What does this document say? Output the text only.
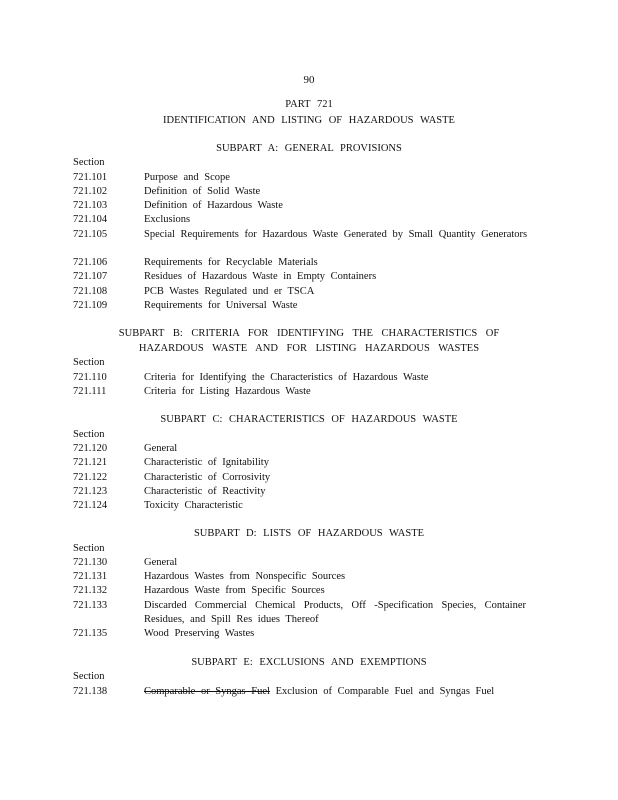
90
PART 721
IDENTIFICATION AND LISTING OF HAZARDOUS WASTE
SUBPART A: GENERAL PROVISIONS
Section
721.101	Purpose and Scope
721.102	Definition of Solid Waste
721.103	Definition of Hazardous Waste
721.104	Exclusions
721.105	Special Requirements for Hazardous Waste Generated by Small Quantity Generators
721.106	Requirements for Recyclable Materials
721.107	Residues of Hazardous Waste in Empty Containers
721.108	PCB Wastes Regulated und er TSCA
721.109	Requirements for Universal Waste
SUBPART B: CRITERIA FOR IDENTIFYING THE CHARACTERISTICS OF
HAZARDOUS WASTE AND FOR LISTING HAZARDOUS WASTES
Section
721.110	Criteria for Identifying the Characteristics of Hazardous Waste
721.111	Criteria for Listing Hazardous Waste
SUBPART C: CHARACTERISTICS OF HAZARDOUS WASTE
Section
721.120	General
721.121	Characteristic of Ignitability
721.122	Characteristic of Corrosivity
721.123	Characteristic of Reactivity
721.124	Toxicity Characteristic
SUBPART D: LISTS OF HAZARDOUS WASTE
Section
721.130	General
721.131	Hazardous Wastes from Nonspecific Sources
721.132	Hazardous Waste from Specific Sources
721.133	Discarded Commercial Chemical Products, Off -Specification Species, Container Residues, and Spill Res idues Thereof
721.135	Wood Preserving Wastes
SUBPART E: EXCLUSIONS AND EXEMPTIONS
Section
721.138	Comparable or Syngas Fuel Exclusion of Comparable Fuel and Syngas Fuel
